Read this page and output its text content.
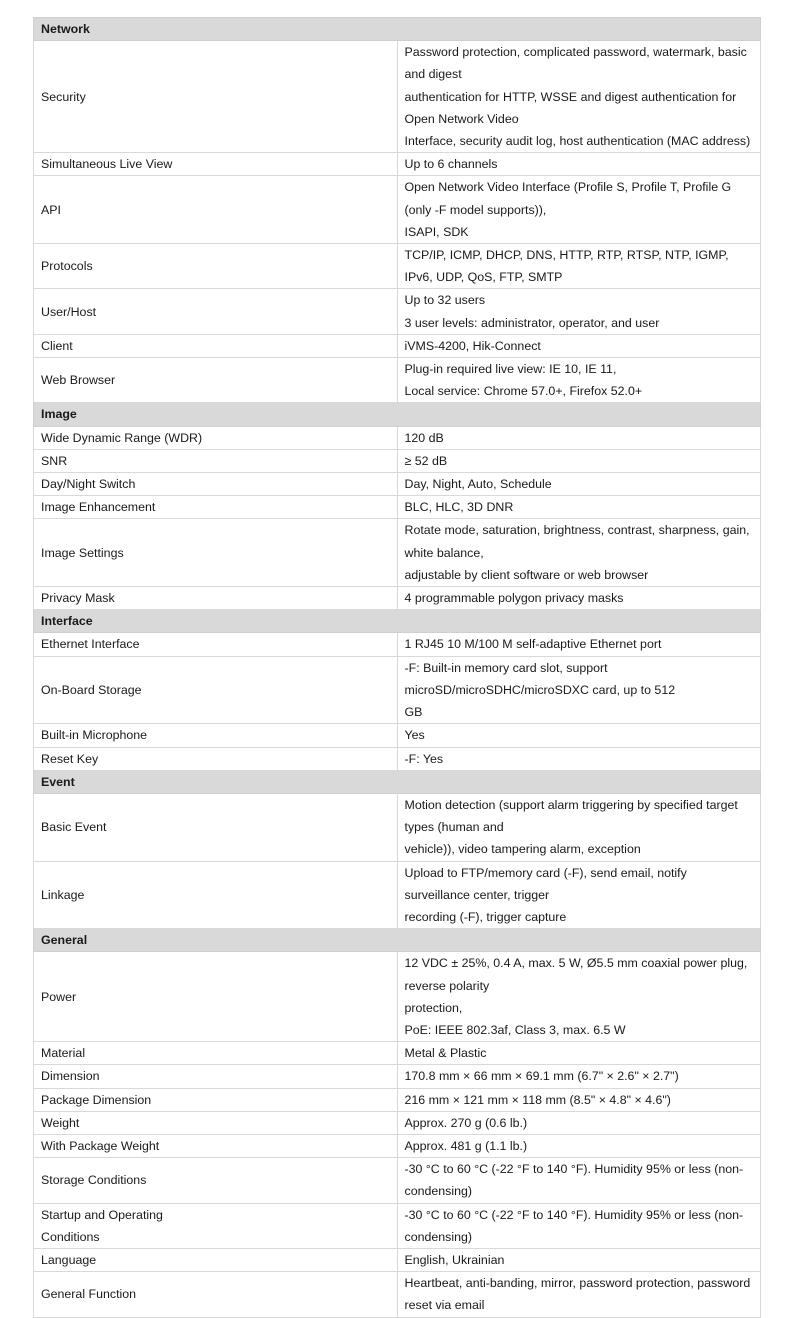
Network	
Security	Password protection, complicated password, watermark, basic and digest
authentication for HTTP, WSSE and digest authentication for Open Network Video
Interface, security audit log, host authentication (MAC address)
Simultaneous Live View	Up to 6 channels
API	Open Network Video Interface (Profile S, Profile T, Profile G (only -F model supports)),
ISAPI, SDK
Protocols	TCP/IP, ICMP, DHCP, DNS, HTTP, RTP, RTSP, NTP, IGMP, IPv6, UDP, QoS, FTP, SMTP
User/Host	Up to 32 users
3 user levels: administrator, operator, and user
Client	iVMS-4200, Hik-Connect
Web Browser	Plug-in required live view: IE 10, IE 11,
Local service: Chrome 57.0+, Firefox 52.0+
Image	
Wide Dynamic Range (WDR)	120 dB
SNR	≥ 52 dB
Day/Night Switch	Day, Night, Auto, Schedule
Image Enhancement	BLC, HLC, 3D DNR
Image Settings	Rotate mode, saturation, brightness, contrast, sharpness, gain, white balance,
adjustable by client software or web browser
Privacy Mask	4 programmable polygon privacy masks
Interface	
Ethernet Interface	1 RJ45 10 M/100 M self-adaptive Ethernet port
On-Board Storage	-F: Built-in memory card slot, support microSD/microSDHC/microSDXC card, up to 512
GB
Built-in Microphone	Yes
Reset Key	-F: Yes
Event	
Basic Event	Motion detection (support alarm triggering by specified target types (human and
vehicle)), video tampering alarm, exception
Linkage	Upload to FTP/memory card (-F), send email, notify surveillance center, trigger
recording (-F), trigger capture
General	
Power	12 VDC ± 25%, 0.4 A, max. 5 W, Ø5.5 mm coaxial power plug, reverse polarity
protection,
PoE: IEEE 802.3af, Class 3, max. 6.5 W
Material	Metal & Plastic
Dimension	170.8 mm × 66 mm × 69.1 mm (6.7" × 2.6" × 2.7")
Package Dimension	216 mm × 121 mm × 118 mm (8.5" × 4.8" × 4.6")
Weight	Approx. 270 g (0.6 lb.)
With Package Weight	Approx. 481 g (1.1 lb.)
Storage Conditions	-30 °C to 60 °C (-22 °F to 140 °F). Humidity 95% or less (non-condensing)
Startup and Operating
Conditions	-30 °C to 60 °C (-22 °F to 140 °F). Humidity 95% or less (non-condensing)
Language	English, Ukrainian
General Function	Heartbeat, anti-banding, mirror, password protection, password reset via email
